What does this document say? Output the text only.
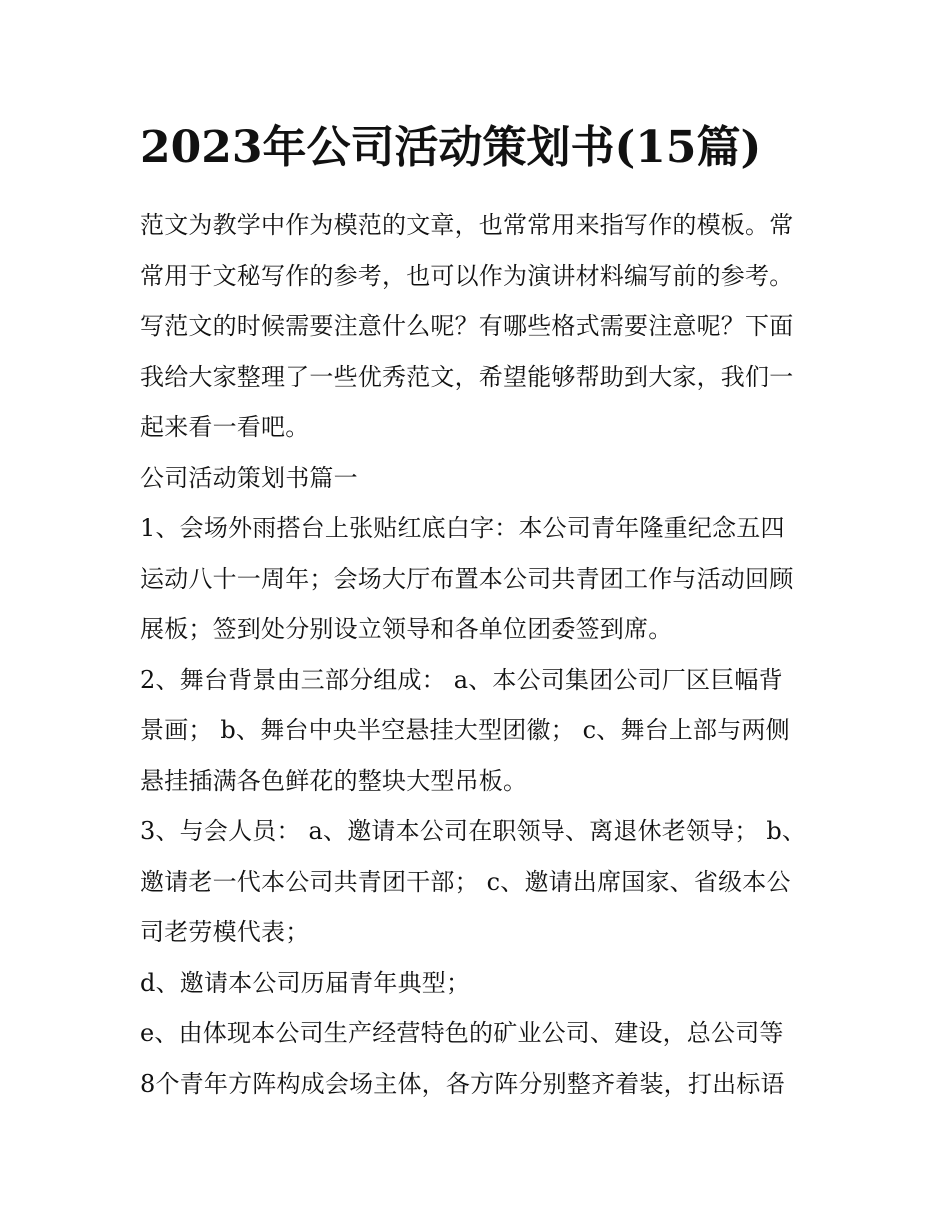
2023年公司活动策划书(15篇)
范文为教学中作为模范的文章，也常常用来指写作的模板。常
常用于文秘写作的参考，也可以作为演讲材料编写前的参考。
写范文的时候需要注意什么呢？有哪些格式需要注意呢？下面
我给大家整理了一些优秀范文，希望能够帮助到大家，我们一
起来看一看吧。
公司活动策划书篇一
1、会场外雨搭台上张贴红底白字：本公司青年隆重纪念五四
运动八十一周年；会场大厅布置本公司共青团工作与活动回顾
展板；签到处分别设立领导和各单位团委签到席。
2、舞台背景由三部分组成： a、本公司集团公司厂区巨幅背
景画； b、舞台中央半空悬挂大型团徽； c、舞台上部与两侧
悬挂插满各色鲜花的整块大型吊板。
3、与会人员： a、邀请本公司在职领导、离退休老领导； b、
邀请老一代本公司共青团干部； c、邀请出席国家、省级本公
司老劳模代表；
d、邀请本公司历届青年典型；
e、由体现本公司生产经营特色的矿业公司、建设，总公司等
8个青年方阵构成会场主体，各方阵分别整齐着装，打出标语
